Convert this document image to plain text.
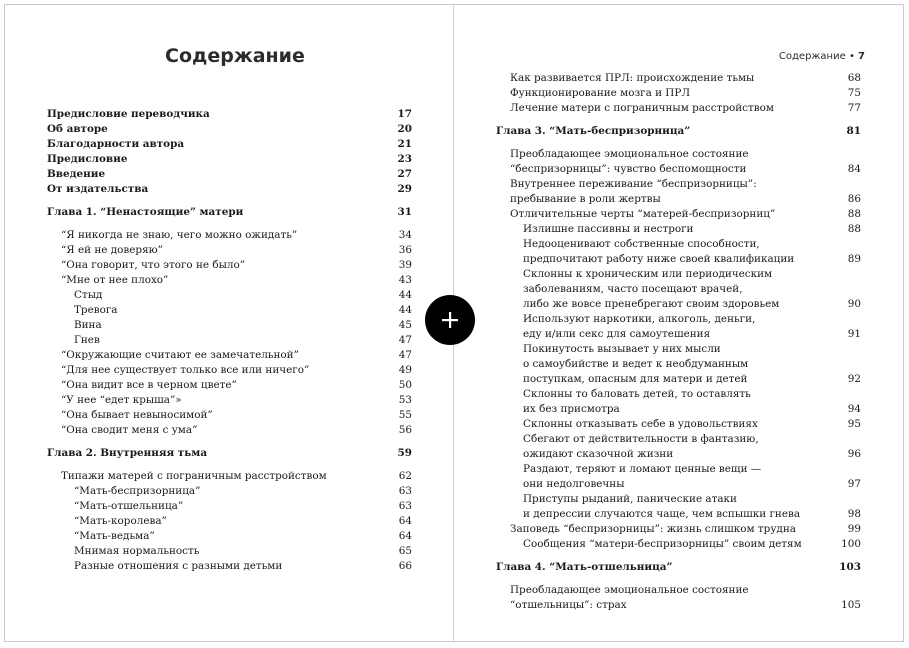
Содержание
Предисловие переводчика	17
Об авторе	20
Благодарности автора	21
Предисловие	23
Введение	27
От издательства	29
Глава 1. “Ненастоящие” матери	31
“Я никогда не знаю, чего можно ожидать”	34
“Я ей не доверяю”	36
“Она говорит, что этого не было”	39
“Мне от нее плохо”	43
Стыд	44
Тревога	44
Вина	45
Гнев	47
“Окружающие считают ее замечательной”	47
“Для нее существует только все или ничего”	49
“Она видит все в черном цвете”	50
“У нее “едет крыша”»	53
“Она бывает невыносимой”	55
“Она сводит меня с ума”	56
Глава 2. Внутренняя тьма	59
Типажи матерей с пограничным расстройством	62
“Мать-беспризорница”	63
“Мать-отшельница”	63
“Мать-королева”	64
“Мать-ведьма”	64
Мнимая нормальность	65
Разные отношения с разными детьми	66
Содержание • 7
Как развивается ПРЛ: происхождение тьмы	68
Функционирование мозга и ПРЛ	75
Лечение матери с пограничным расстройством	77
Глава 3. “Мать-беспризорница”	81
Преобладающее эмоциональное состояние
“беспризорницы”: чувство беспомощности	84
Внутреннее переживание “беспризорницы”:
пребывание в роли жертвы	86
Отличительные черты “матерей-беспризорниц”	88
Излишне пассивны и нестроги	88
Недооценивают собственные способности,
предпочитают работу ниже своей квалификации	89
Склонны к хроническим или периодическим
заболеваниям, часто посещают врачей,
либо же вовсе пренебрегают своим здоровьем	90
Используют наркотики, алкоголь, деньги,
еду и/или секс для самоутешения	91
Покинутость вызывает у них мысли
о самоубийстве и ведет к необдуманным
поступкам, опасным для матери и детей	92
Склонны то баловать детей, то оставлять
их без присмотра	94
Склонны отказывать себе в удовольствиях	95
Сбегают от действительности в фантазию,
ожидают сказочной жизни	96
Раздают, теряют и ломают ценные вещи —
они недолговечны	97
Приступы рыданий, панические атаки
и депрессии случаются чаще, чем вспышки гнева	98
Заповедь “беспризорницы”: жизнь слишком трудна	99
Сообщения “матери-беспризорницы” своим детям	100
Глава 4. “Мать-отшельница”	103
Преобладающее эмоциональное состояние
“отшельницы”: страх	105
